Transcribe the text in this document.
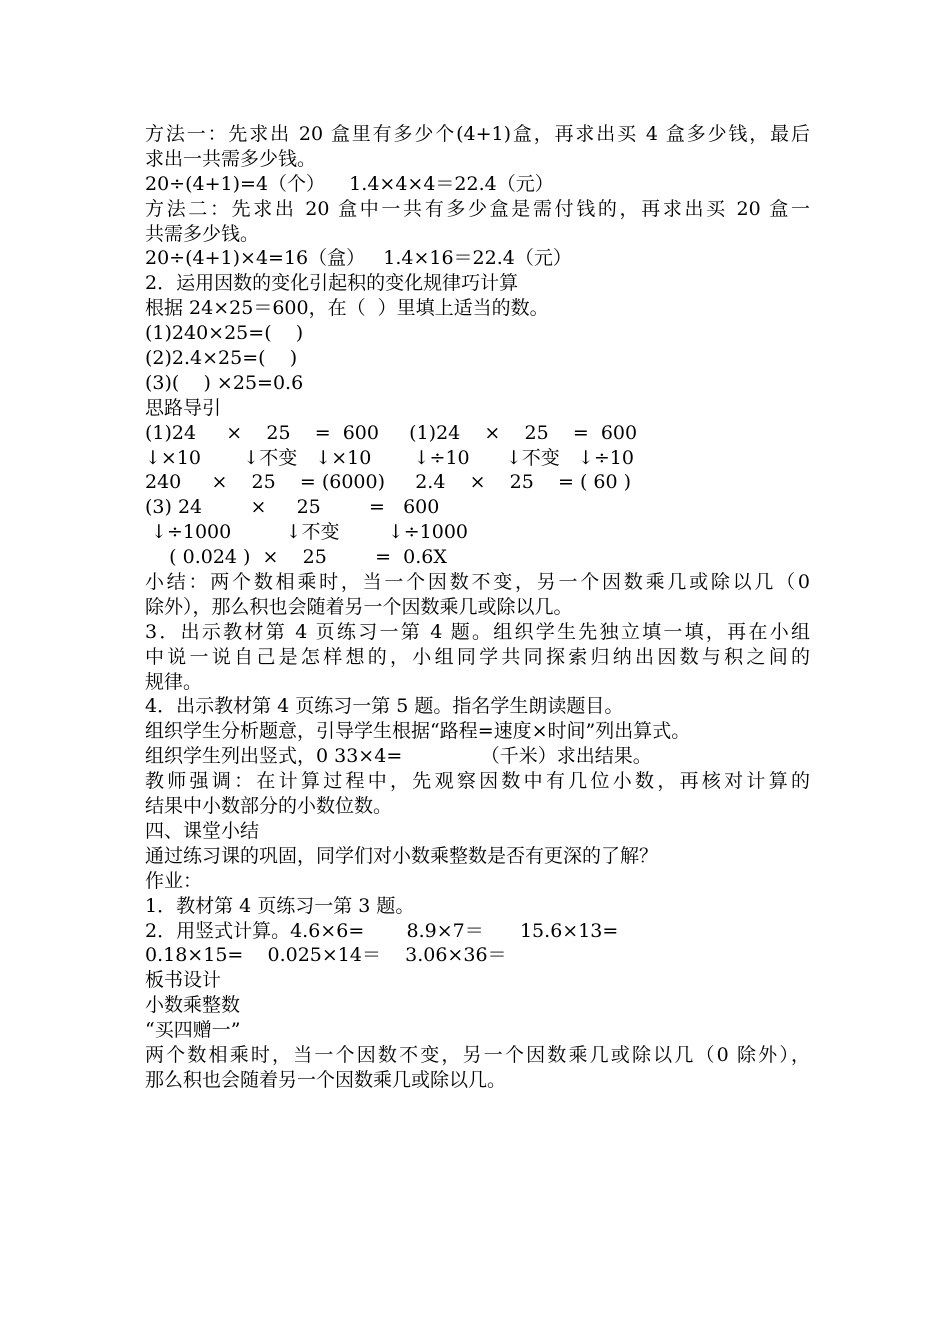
方法一：先求出 20 盒里有多少个(4+1)盒，再求出买 4 盒多少钱，最后
求出一共需多少钱。
20÷(4+1)=4（个）    1.4×4×4＝22.4（元）
方法二：先求出 20 盒中一共有多少盒是需付钱的，再求出买 20 盒一
共需多少钱。
20÷(4+1)×4=16（盒）   1.4×16＝22.4（元）
2．运用因数的变化引起积的变化规律巧计算
根据 24×25＝600，在（  ）里填上适当的数。
(1)240×25=(    )
(2)2.4×25=(    )
(3)(    ) ×25=0.6
思路导引
(1)24     ×    25    =  600     (1)24    ×    25    =  600
↓×10       ↓不变   ↓×10       ↓÷10      ↓不变   ↓÷10
240     ×    25    = (6000)     2.4    ×    25    = ( 60 )
(3) 24        ×     25        =   600
↓÷1000         ↓不变        ↓÷1000
( 0.024 )  ×    25        =  0.6X
小结：两个数相乘时，当一个因数不变，另一个因数乘几或除以几（0
除外），那么积也会随着另一个因数乘几或除以几。
3．出示教材第 4 页练习一第 4 题。组织学生先独立填一填，再在小组
中说一说自己是怎样想的，小组同学共同探索归纳出因数与积之间的
规律。
4．出示教材第 4 页练习一第 5 题。指名学生朗读题目。
组织学生分析题意，引导学生根据“路程=速度×时间”列出算式。
组织学生列出竖式，0 33×4=             （千米）求出结果。
教师强调：在计算过程中，先观察因数中有几位小数，再核对计算的
结果中小数部分的小数位数。
四、课堂小结
通过练习课的巩固，同学们对小数乘整数是否有更深的了解？
作业：
1．教材第 4 页练习一第 3 题。
2．用竖式计算。4.6×6=       8.9×7＝      15.6×13=
0.18×15=    0.025×14＝    3.06×36＝
板书设计
小数乘整数
“买四赠一”
两个数相乘时，当一个因数不变，另一个因数乘几或除以几（0 除外），
那么积也会随着另一个因数乘几或除以几。
